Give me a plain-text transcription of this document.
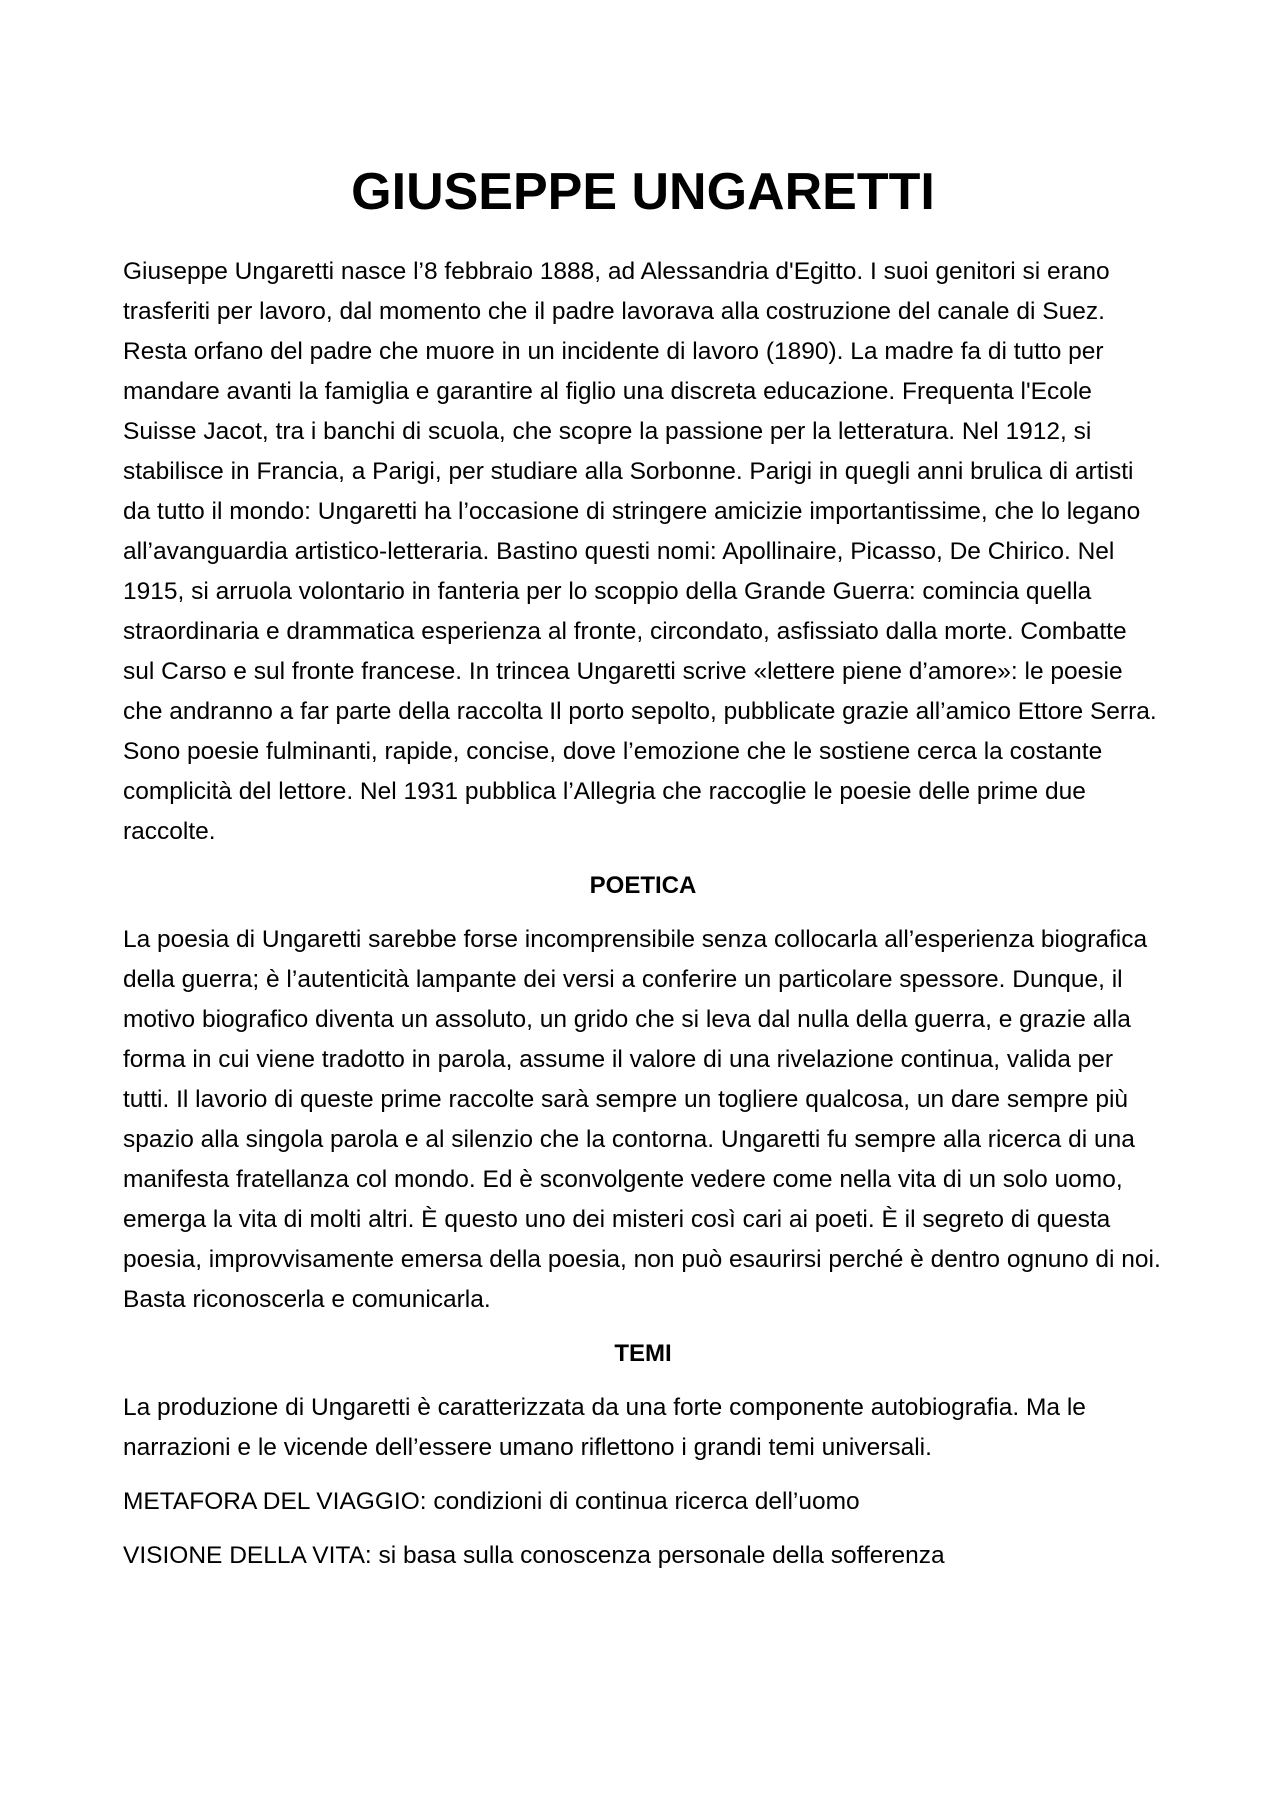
GIUSEPPE UNGARETTI

Giuseppe Ungaretti nasce l’8 febbraio 1888, ad Alessandria d'Egitto. I suoi genitori si erano trasferiti per lavoro, dal momento che il padre lavorava alla costruzione del canale di Suez. Resta orfano del padre che muore in un incidente di lavoro (1890). La madre fa di tutto per mandare avanti la famiglia e garantire al figlio una discreta educazione. Frequenta l'Ecole Suisse Jacot, tra i banchi di scuola, che scopre la passione per la letteratura. Nel 1912, si stabilisce in Francia, a Parigi, per studiare alla Sorbonne. Parigi in quegli anni brulica di artisti da tutto il mondo: Ungaretti ha l’occasione di stringere amicizie importantissime, che lo legano all’avanguardia artistico-letteraria. Bastino questi nomi: Apollinaire, Picasso, De Chirico. Nel 1915, si arruola volontario in fanteria per lo scoppio della Grande Guerra: comincia quella straordinaria e drammatica esperienza al fronte, circondato, asfissiato dalla morte. Combatte sul Carso e sul fronte francese. In trincea Ungaretti scrive «lettere piene d’amore»: le poesie che andranno a far parte della raccolta Il porto sepolto, pubblicate grazie all’amico Ettore Serra. Sono poesie fulminanti, rapide, concise, dove l’emozione che le sostiene cerca la costante complicità del lettore. Nel 1931 pubblica l’Allegria che raccoglie le poesie delle prime due raccolte.

POETICA

La poesia di Ungaretti sarebbe forse incomprensibile senza collocarla all’esperienza biografica della guerra; è l’autenticità lampante dei versi a conferire un particolare spessore. Dunque, il motivo biografico diventa un assoluto, un grido che si leva dal nulla della guerra, e grazie alla forma in cui viene tradotto in parola, assume il valore di una rivelazione continua, valida per tutti. Il lavorio di queste prime raccolte sarà sempre un togliere qualcosa, un dare sempre più spazio alla singola parola e al silenzio che la contorna. Ungaretti fu sempre alla ricerca di una manifesta fratellanza col mondo. Ed è sconvolgente vedere come nella vita di un solo uomo, emerga la vita di molti altri. È questo uno dei misteri così cari ai poeti. È il segreto di questa poesia, improvvisamente emersa della poesia, non può esaurirsi perché è dentro ognuno di noi. Basta riconoscerla e comunicarla.

TEMI

La produzione di Ungaretti è caratterizzata da una forte componente autobiografia. Ma le narrazioni e le vicende dell’essere umano riflettono i grandi temi universali.

METAFORA DEL VIAGGIO: condizioni di continua ricerca dell’uomo

VISIONE DELLA VITA: si basa sulla conoscenza personale della sofferenza
